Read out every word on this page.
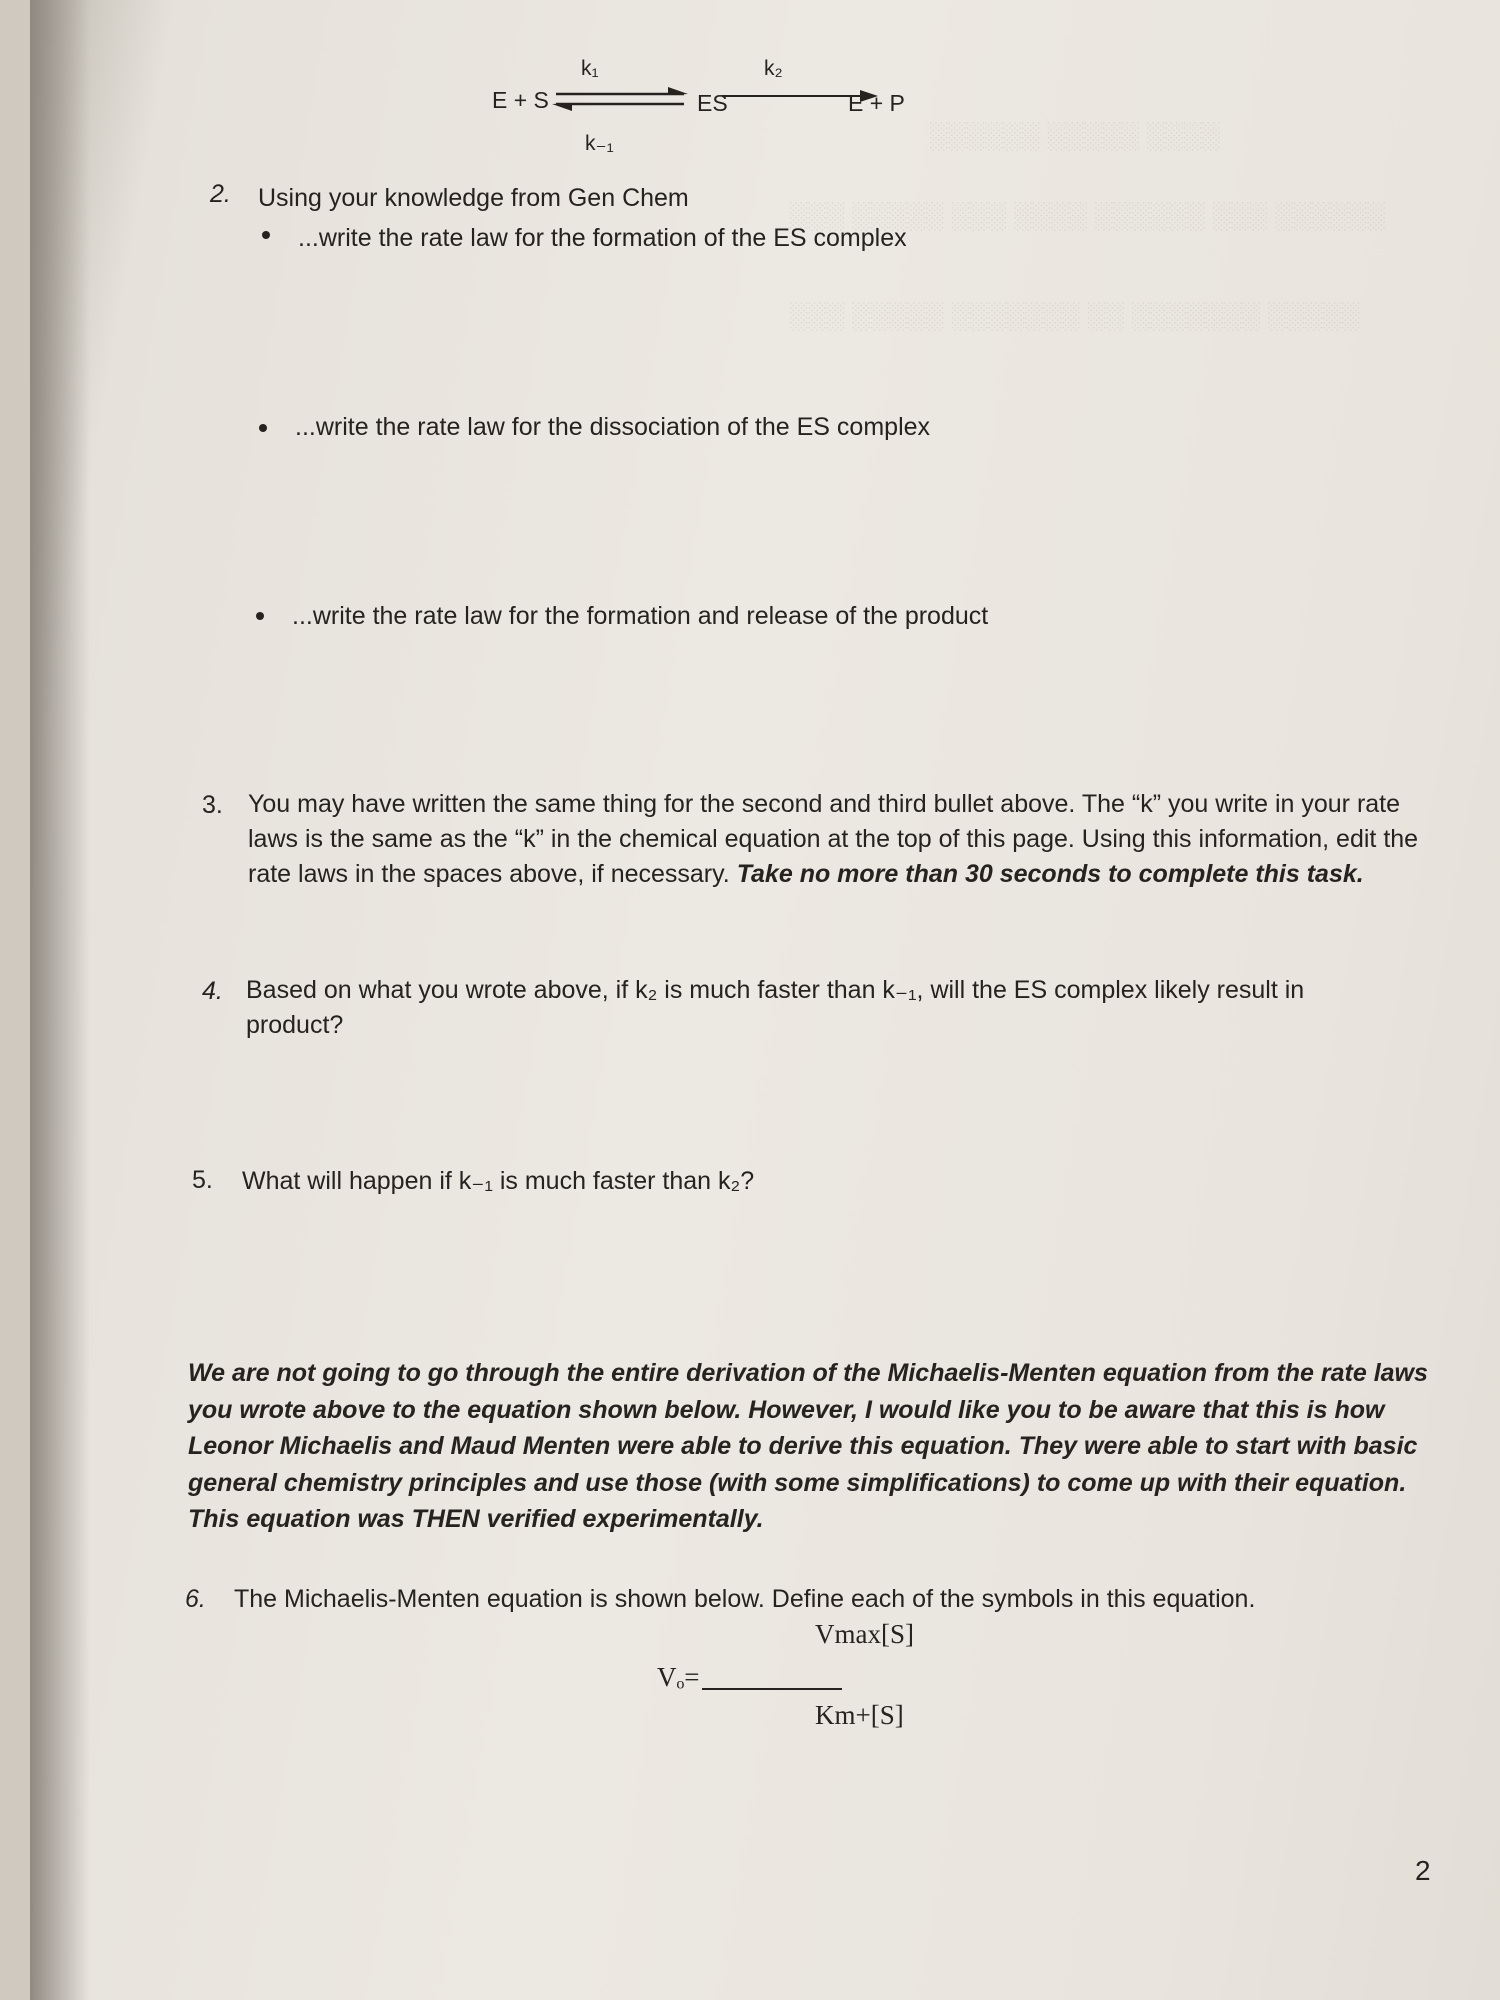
░░░░ ░░░░░ ░░░░░░
░░░░░░ ░░░ ░░░░░░ ░░░░ ░░░ ░░░░░ ░░░
░░░░░ ░░░░░░░ ░░ ░░░░░░░ ░░░░░ ░░░
E + S
k₁
k₋₁
ES
k₂
E + P
2. Using your knowledge from Gen Chem
...write the rate law for the formation of the ES complex
...write the rate law for the dissociation of the ES complex
...write the rate law for the formation and release of the product
3. You may have written the same thing for the second and third bullet above. The “k” you write in your rate laws is the same as the “k” in the chemical equation at the top of this page. Using this information, edit the rate laws in the spaces above, if necessary. Take no more than 30 seconds to complete this task.
4. Based on what you wrote above, if k₂ is much faster than k₋₁, will the ES complex likely result in product?
5. What will happen if k₋₁ is much faster than k₂?
We are not going to go through the entire derivation of the Michaelis-Menten equation from the rate laws you wrote above to the equation shown below. However, I would like you to be aware that this is how Leonor Michaelis and Maud Menten were able to derive this equation. They were able to start with basic general chemistry principles and use those (with some simplifications) to come up with their equation. This equation was THEN verified experimentally.
6. The Michaelis-Menten equation is shown below. Define each of the symbols in this equation.
Vₒ=
Vmax[S]
Km+[S]
2
